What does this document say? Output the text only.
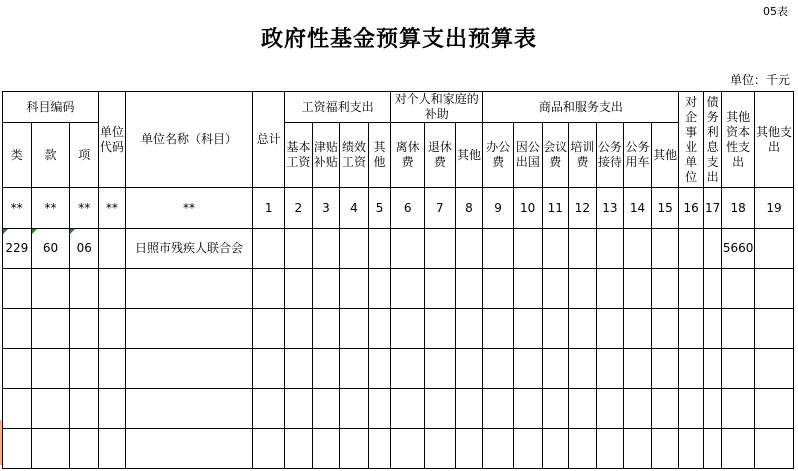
05表
政府性基金预算支出预算表
单位：千元
科目编码			单位代码	单位名称（科目）	总计	工资福利支出				对个人和家庭的补助			商品和服务支出							对企事业单位	债务利息支出	其他资本性支出	其他支出
类	款	项				基本工资	津贴补贴	绩效工资	其他	离休费	退休费	其他	办公费	因公出国	会议费	培训费	公务接待	公务用车	其他				
**	**	**	**	**	1	2	3	4	5	6	7	8	9	10	11	12	13	14	15	16	17	18	19
229	60	06		日照市残疾人联合会																		5660	
